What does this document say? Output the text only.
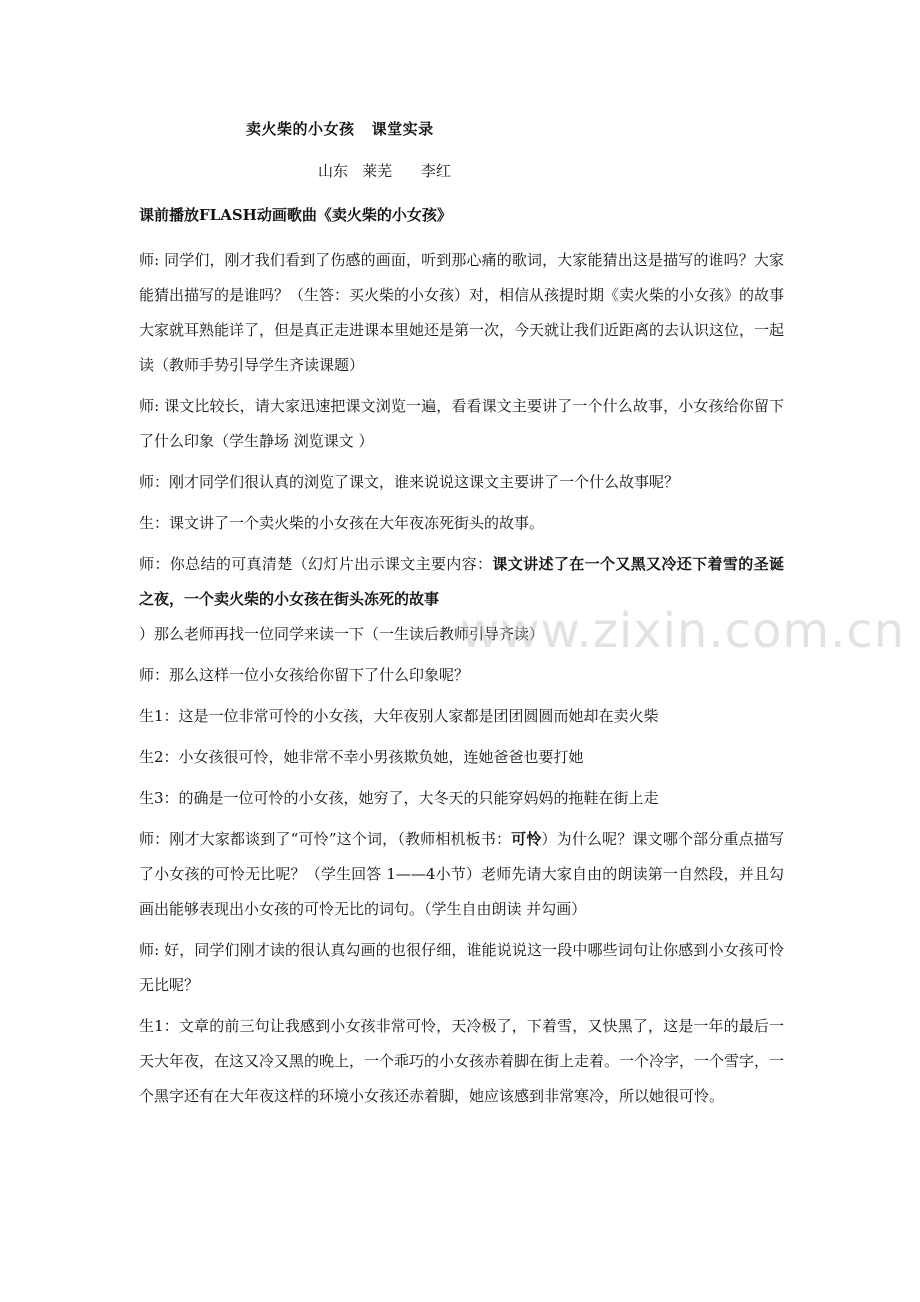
卖火柴的小女孩   课堂实录
山东   莱芜      李红
课前播放FLASH动画歌曲《卖火柴的小女孩》

师: 同学们，刚才我们看到了伤感的画面，听到那心痛的歌词，大家能猜出这是描写的谁吗？大家能猜出描写的是谁吗？（生答：买火柴的小女孩）对，相信从孩提时期《卖火柴的小女孩》的故事大家就耳熟能详了，但是真正走进课本里她还是第一次，今天就让我们近距离的去认识这位，一起读（教师手势引导学生齐读课题）

师: 课文比较长，请大家迅速把课文浏览一遍，看看课文主要讲了一个什么故事，小女孩给你留下了什么印象（学生静场 浏览课文 ）

师：刚才同学们很认真的浏览了课文，谁来说说这课文主要讲了一个什么故事呢？

生：课文讲了一个卖火柴的小女孩在大年夜冻死街头的故事。

师：你总结的可真清楚（幻灯片出示课文主要内容：课文讲述了在一个又黑又冷还下着雪的圣诞之夜，一个卖火柴的小女孩在街头冻死的故事

）那么老师再找一位同学来读一下（一生读后教师引导齐读）

师：那么这样一位小女孩给你留下了什么印象呢？

生1：这是一位非常可怜的小女孩，大年夜别人家都是团团圆圆而她却在卖火柴

生2：小女孩很可怜，她非常不幸小男孩欺负她，连她爸爸也要打她

生3：的确是一位可怜的小女孩，她穷了，大冬天的只能穿妈妈的拖鞋在街上走

师：刚才大家都谈到了“可怜”这个词，（教师相机板书：可怜）为什么呢？课文哪个部分重点描写了小女孩的可怜无比呢？（学生回答 1——4小节）老师先请大家自由的朗读第一自然段，并且勾画出能够表现出小女孩的可怜无比的词句。（学生自由朗读 并勾画）

师: 好，同学们刚才读的很认真勾画的也很仔细，谁能说说这一段中哪些词句让你感到小女孩可怜无比呢？

生1：文章的前三句让我感到小女孩非常可怜，天冷极了，下着雪，又快黑了，这是一年的最后一天大年夜，在这又冷又黑的晚上，一个乖巧的小女孩赤着脚在街上走着。一个冷字，一个雪字，一个黑字还有在大年夜这样的环境小女孩还赤着脚，她应该感到非常寒冷，所以她很可怜。

www.zixin.com.cn
